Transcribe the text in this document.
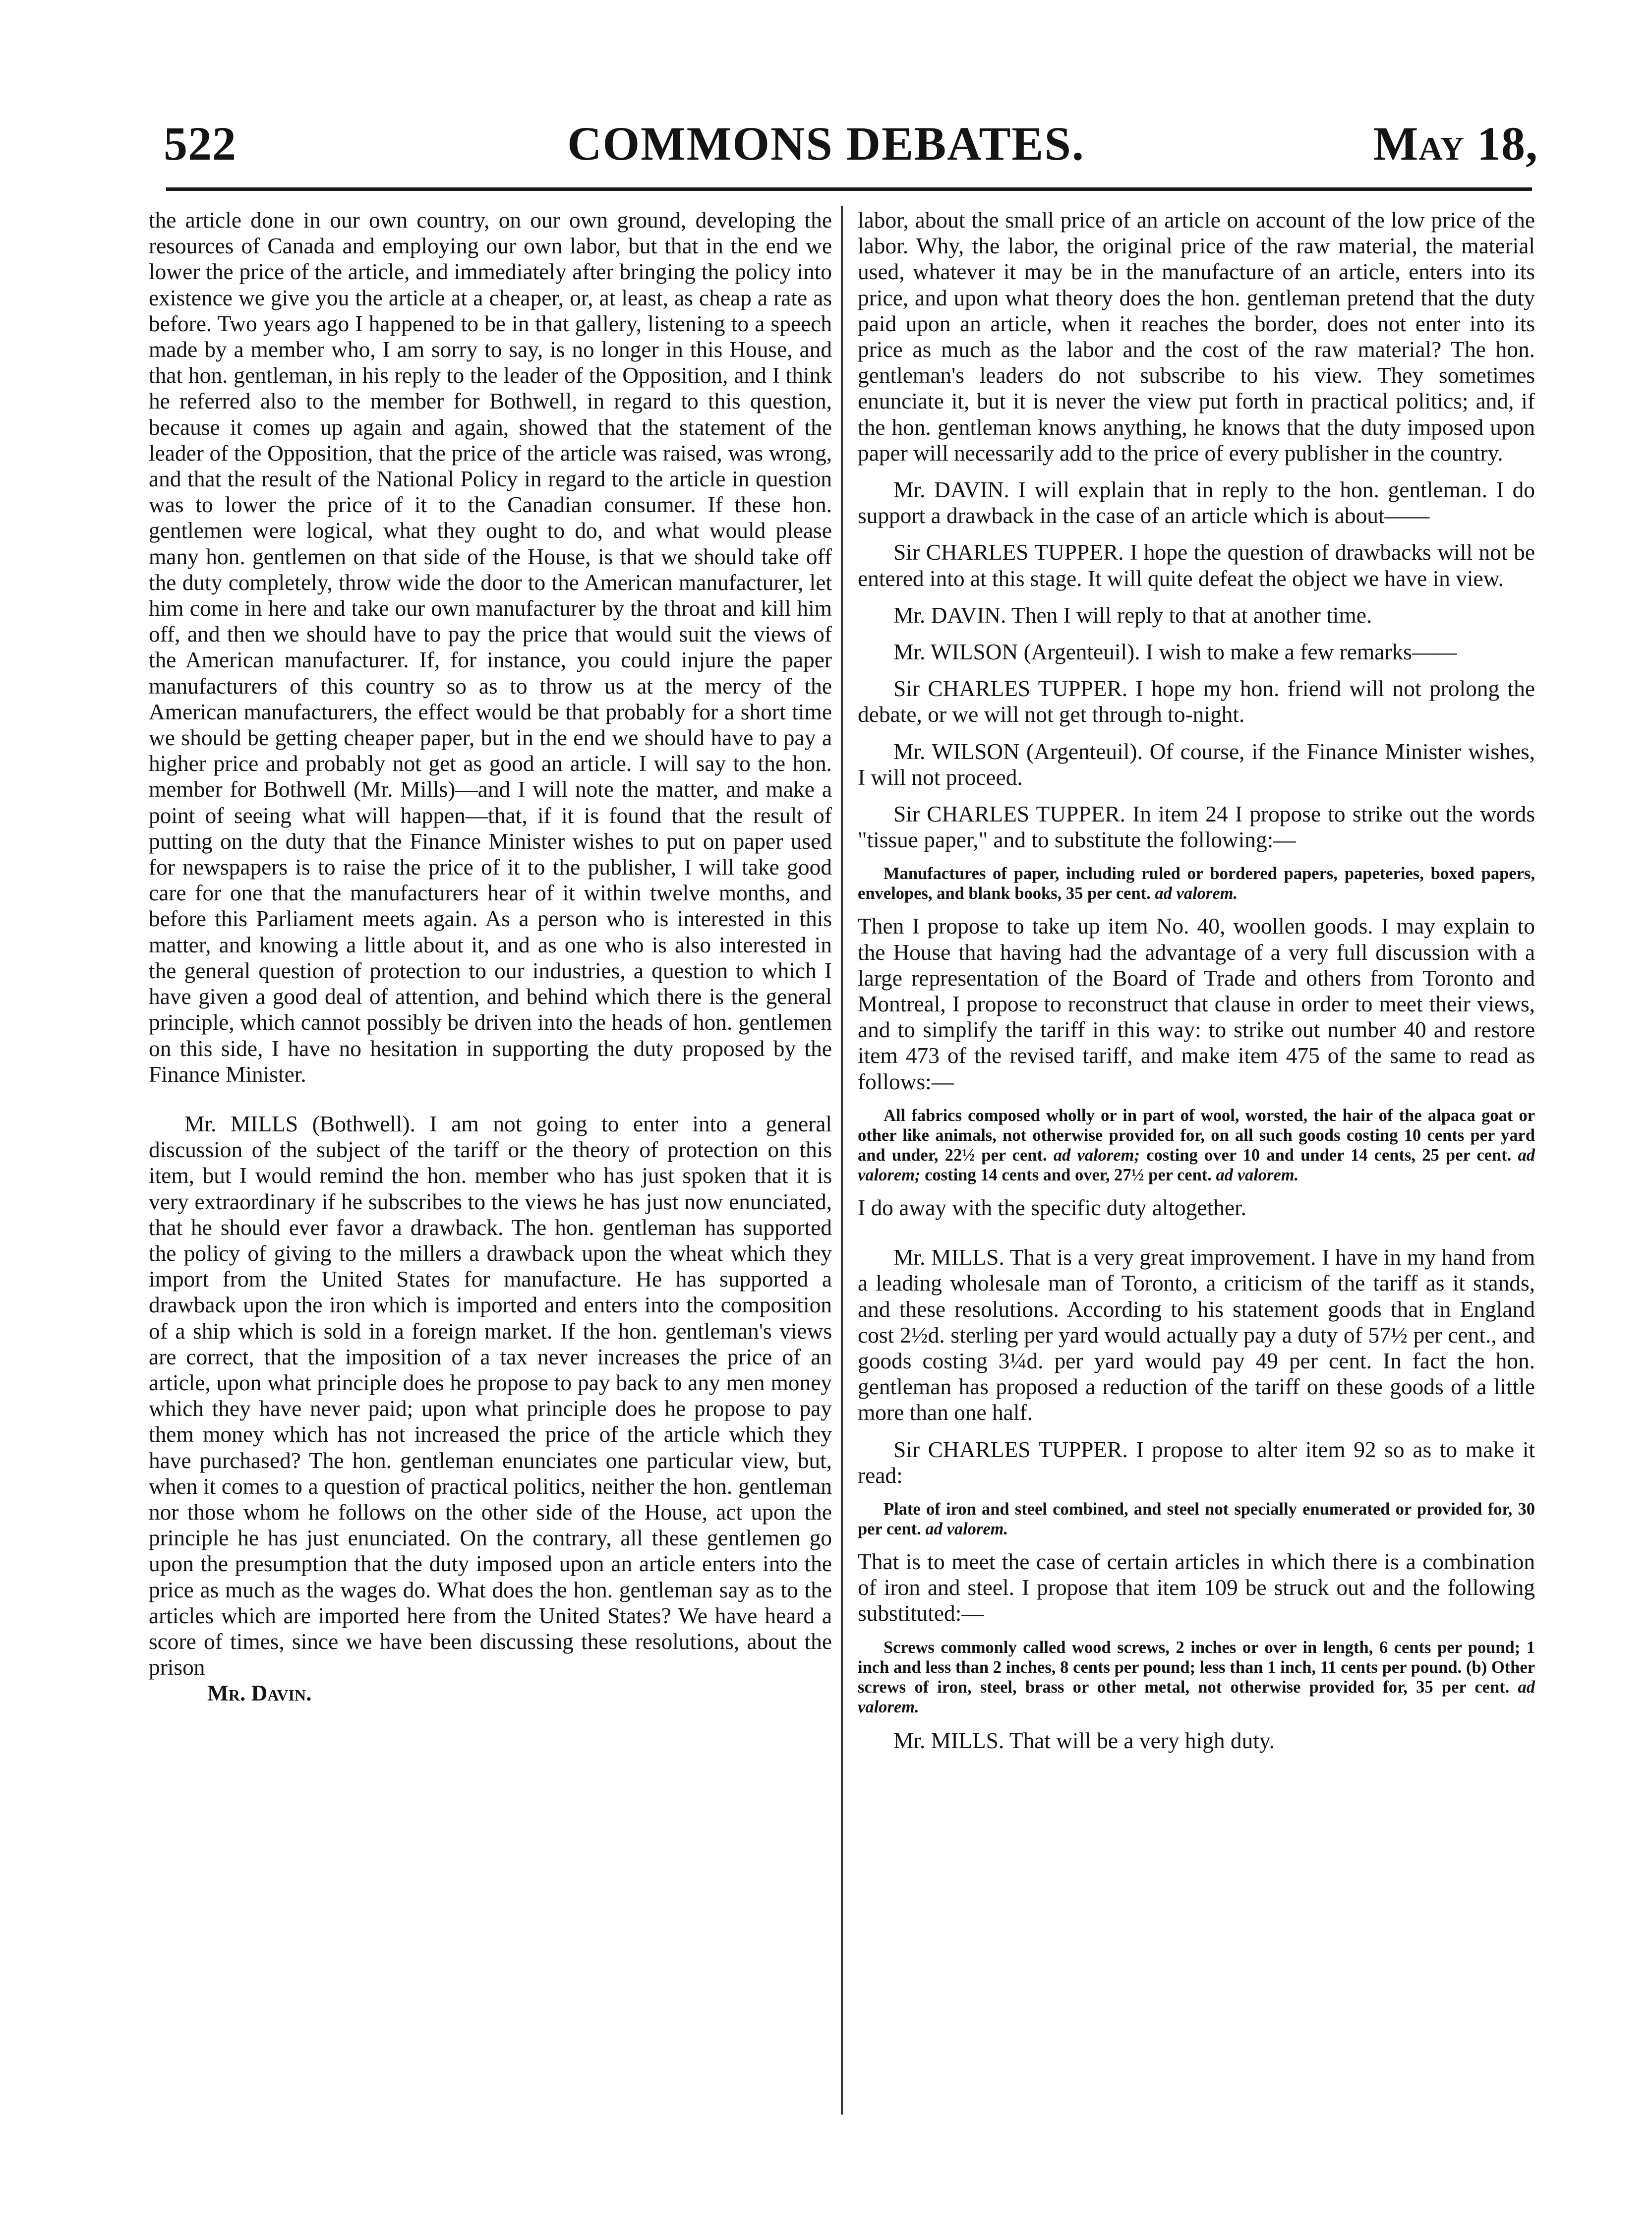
522	COMMONS DEBATES.	May 18,

the article done in our own country, on our own ground, developing the resources of Canada and employing our own labor, but that in the end we lower the price of the article, and immediately after bringing the policy into existence we give you the article at a cheaper, or, at least, as cheap a rate as before. Two years ago I happened to be in that gallery, listening to a speech made by a member who, I am sorry to say, is no longer in this House, and that hon. gentleman, in his reply to the leader of the Opposition, and I think he referred also to the member for Bothwell, in regard to this question, because it comes up again and again, showed that the statement of the leader of the Opposition, that the price of the article was raised, was wrong, and that the result of the National Policy in regard to the article in question was to lower the price of it to the Canadian consumer. If these hon. gentlemen were logical, what they ought to do, and what would please many hon. gentlemen on that side of the House, is that we should take off the duty completely, throw wide the door to the American manufacturer, let him come in here and take our own manufacturer by the throat and kill him off, and then we should have to pay the price that would suit the views of the American manufacturer. If, for instance, you could injure the paper manufacturers of this country so as to throw us at the mercy of the American manufacturers, the effect would be that probably for a short time we should be getting cheaper paper, but in the end we should have to pay a higher price and probably not get as good an article. I will say to the hon. member for Bothwell (Mr. Mills)—and I will note the matter, and make a point of seeing what will happen—that, if it is found that the result of putting on the duty that the Finance Minister wishes to put on paper used for newspapers is to raise the price of it to the publisher, I will take good care for one that the manufacturers hear of it within twelve months, and before this Parliament meets again. As a person who is interested in this matter, and knowing a little about it, and as one who is also interested in the general question of protection to our industries, a question to which I have given a good deal of attention, and behind which there is the general principle, which cannot possibly be driven into the heads of hon. gentlemen on this side, I have no hesitation in supporting the duty proposed by the Finance Minister.

Mr. MILLS (Bothwell). I am not going to enter into a general discussion of the subject of the tariff or the theory of protection on this item, but I would remind the hon. member who has just spoken that it is very extraordinary if he subscribes to the views he has just now enunciated, that he should ever favor a drawback. The hon. gentleman has supported the policy of giving to the millers a drawback upon the wheat which they import from the United States for manufacture. He has supported a drawback upon the iron which is imported and enters into the composition of a ship which is sold in a foreign market. If the hon. gentleman's views are correct, that the imposition of a tax never increases the price of an article, upon what principle does he propose to pay back to any men money which they have never paid; upon what principle does he propose to pay them money which has not increased the price of the article which they have purchased? The hon. gentleman enunciates one particular view, but, when it comes to a question of practical politics, neither the hon. gentleman nor those whom he follows on the other side of the House, act upon the principle he has just enunciated. On the contrary, all these gentlemen go upon the presumption that the duty imposed upon an article enters into the price as much as the wages do. What does the hon. gentleman say as to the articles which are imported here from the United States? We have heard a score of times, since we have been discussing these resolutions, about the prison

Mr. Davin.

labor, about the small price of an article on account of the low price of the labor. Why, the labor, the original price of the raw material, the material used, whatever it may be in the manufacture of an article, enters into its price, and upon what theory does the hon. gentleman pretend that the duty paid upon an article, when it reaches the border, does not enter into its price as much as the labor and the cost of the raw material? The hon. gentleman's leaders do not subscribe to his view. They sometimes enunciate it, but it is never the view put forth in practical politics; and, if the hon. gentleman knows anything, he knows that the duty imposed upon paper will necessarily add to the price of every publisher in the country.

Mr. DAVIN. I will explain that in reply to the hon. gentleman. I do support a drawback in the case of an article which is about——

Sir CHARLES TUPPER. I hope the question of drawbacks will not be entered into at this stage. It will quite defeat the object we have in view.

Mr. DAVIN. Then I will reply to that at another time.

Mr. WILSON (Argenteuil). I wish to make a few remarks——

Sir CHARLES TUPPER. I hope my hon. friend will not prolong the debate, or we will not get through to-night.

Mr. WILSON (Argenteuil). Of course, if the Finance Minister wishes, I will not proceed.

Sir CHARLES TUPPER. In item 24 I propose to strike out the words "tissue paper," and to substitute the following:—

Manufactures of paper, including ruled or bordered papers, papeteries, boxed papers, envelopes, and blank books, 35 per cent. ad valorem.

Then I propose to take up item No. 40, woollen goods. I may explain to the House that having had the advantage of a very full discussion with a large representation of the Board of Trade and others from Toronto and Montreal, I propose to reconstruct that clause in order to meet their views, and to simplify the tariff in this way: to strike out number 40 and restore item 473 of the revised tariff, and make item 475 of the same to read as follows:—

All fabrics composed wholly or in part of wool, worsted, the hair of the alpaca goat or other like animals, not otherwise provided for, on all such goods costing 10 cents per yard and under, 22½ per cent. ad valorem; costing over 10 and under 14 cents, 25 per cent. ad valorem; costing 14 cents and over, 27½ per cent. ad valorem.

I do away with the specific duty altogether.

Mr. MILLS. That is a very great improvement. I have in my hand from a leading wholesale man of Toronto, a criticism of the tariff as it stands, and these resolutions. According to his statement goods that in England cost 2½d. sterling per yard would actually pay a duty of 57½ per cent., and goods costing 3¼d. per yard would pay 49 per cent. In fact the hon. gentleman has proposed a reduction of the tariff on these goods of a little more than one half.

Sir CHARLES TUPPER. I propose to alter item 92 so as to make it read:

Plate of iron and steel combined, and steel not specially enumerated or provided for, 30 per cent. ad valorem.

That is to meet the case of certain articles in which there is a combination of iron and steel. I propose that item 109 be struck out and the following substituted:—

Screws commonly called wood screws, 2 inches or over in length, 6 cents per pound; 1 inch and less than 2 inches, 8 cents per pound; less than 1 inch, 11 cents per pound. (b) Other screws of iron, steel, brass or other metal, not otherwise provided for, 35 per cent. ad valorem.

Mr. MILLS. That will be a very high duty.
